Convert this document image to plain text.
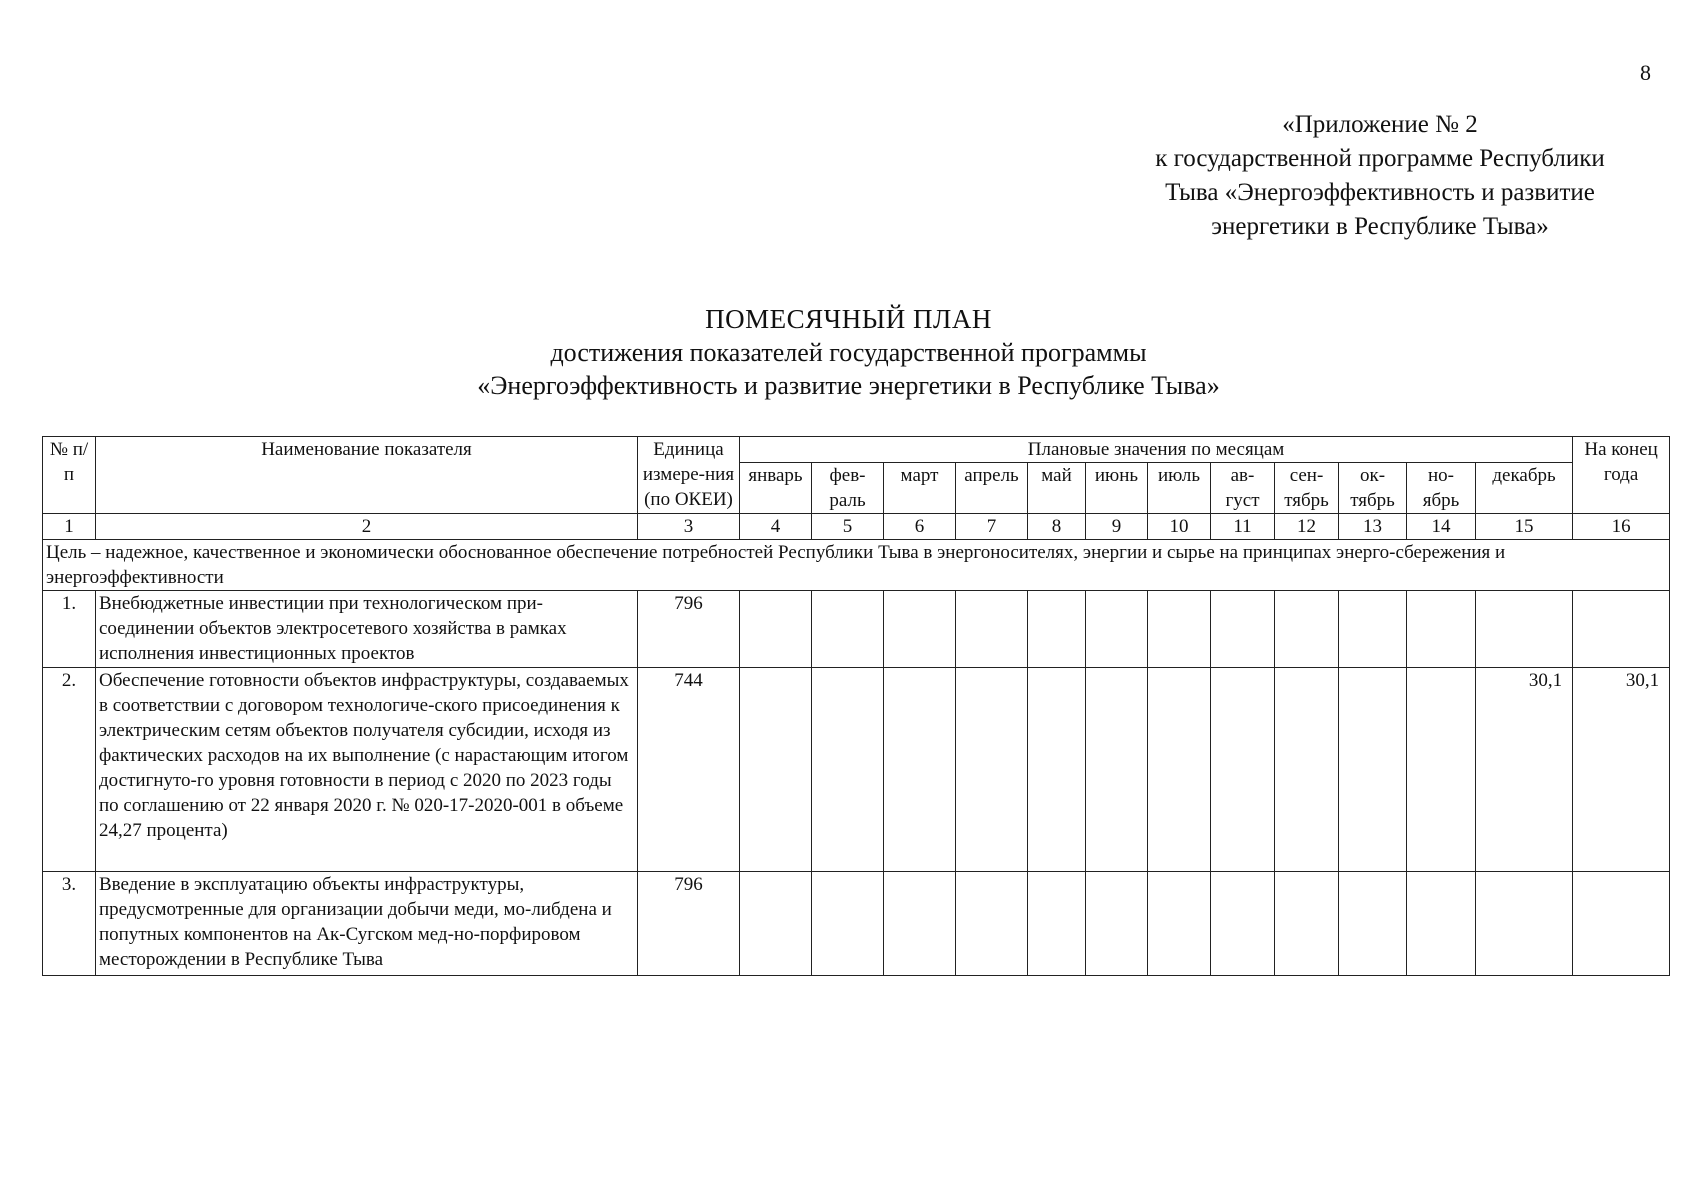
8
«Приложение № 2
к государственной программе Республики
Тыва «Энергоэффективность и развитие
энергетики в Республике Тыва»
ПОМЕСЯЧНЫЙ ПЛАН
достижения показателей государственной программы
«Энергоэффективность и развитие энергетики в Республике Тыва»
№ п/п	Наименование показателя	Единица измере-ния (по ОКЕИ)	Плановые значения по месяцам												На конец года
			январь	фев-раль	март	апрель	май	июнь	июль	ав-густ	сен-тябрь	ок-тябрь	но-ябрь	декабрь	
1	2	3	4	5	6	7	8	9	10	11	12	13	14	15	16
Цель – надежное, качественное и экономически обоснованное обеспечение потребностей Республики Тыва в энергоносителях, энергии и сырье на принципах энерго-сбережения и энергоэффективности															
1.	Внебюджетные инвестиции при технологическом при-соединении объектов электросетевого хозяйства в рамках исполнения инвестиционных проектов	796													
2.	Обеспечение готовности объектов инфраструктуры, создаваемых в соответствии с договором технологиче-ского присоединения к электрическим сетям объектов получателя субсидии, исходя из фактических расходов на их выполнение (с нарастающим итогом достигнуто-го уровня готовности в период с 2020 по 2023 годы по соглашению от 22 января 2020 г. № 020-17-2020-001 в объеме 24,27 процента)	744												30,1	30,1
3.	Введение в эксплуатацию объекты инфраструктуры, предусмотренные для организации добычи меди, мо-либдена и попутных компонентов на Ак-Сугском мед-но-порфировом месторождении в Республике Тыва	796													
